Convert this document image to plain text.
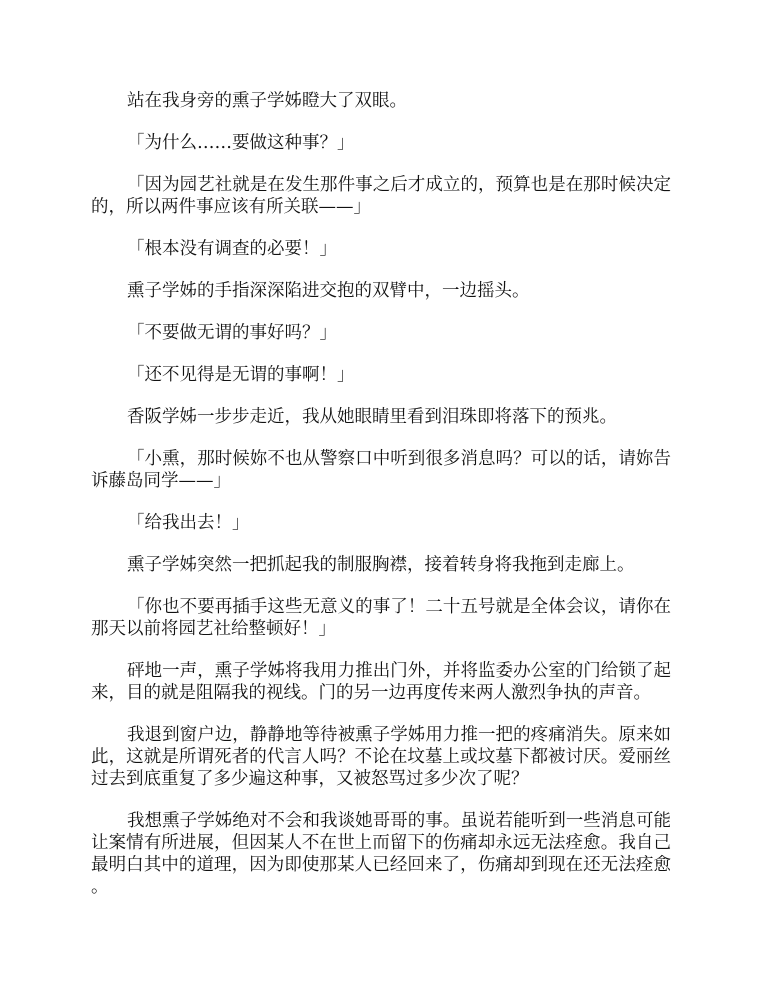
站在我身旁的熏子学姊瞪大了双眼。

「为什么……要做这种事？」

「因为园艺社就是在发生那件事之后才成立的，预算也是在那时候决定的，所以两件事应该有所关联——」

「根本没有调查的必要！」

熏子学姊的手指深深陷进交抱的双臂中，一边摇头。

「不要做无谓的事好吗？」

「还不见得是无谓的事啊！」

香阪学姊一步步走近，我从她眼睛里看到泪珠即将落下的预兆。

「小熏，那时候妳不也从警察口中听到很多消息吗？可以的话，请妳告诉藤岛同学——」

「给我出去！」

熏子学姊突然一把抓起我的制服胸襟，接着转身将我拖到走廊上。

「你也不要再插手这些无意义的事了！二十五号就是全体会议，请你在那天以前将园艺社给整顿好！」

砰地一声，熏子学姊将我用力推出门外，并将监委办公室的门给锁了起来，目的就是阻隔我的视线。门的另一边再度传来两人激烈争执的声音。

我退到窗户边，静静地等待被熏子学姊用力推一把的疼痛消失。原来如此，这就是所谓死者的代言人吗？不论在坟墓上或坟墓下都被讨厌。爱丽丝过去到底重复了多少遍这种事，又被怒骂过多少次了呢？

我想熏子学姊绝对不会和我谈她哥哥的事。虽说若能听到一些消息可能让案情有所进展，但因某人不在世上而留下的伤痛却永远无法痊愈。我自己最明白其中的道理，因为即使那某人已经回来了，伤痛却到现在还无法痊愈。
